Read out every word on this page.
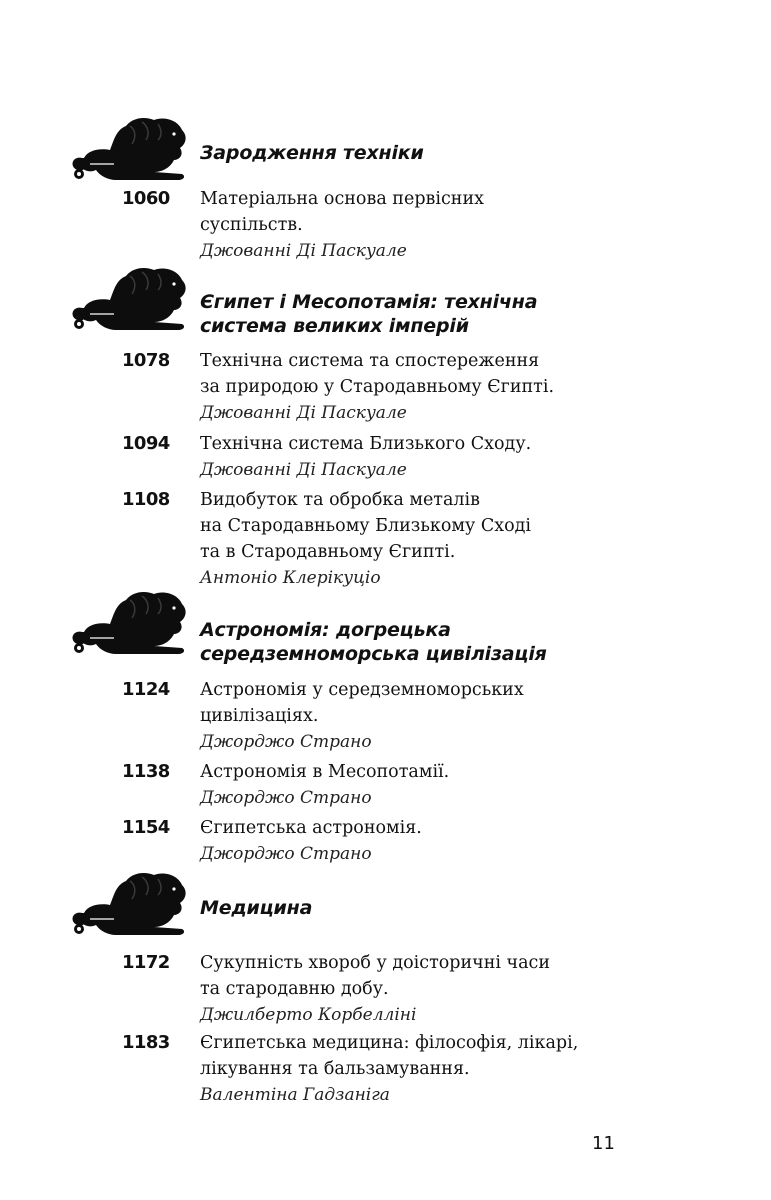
Зародження техніки
1060	Матеріальна основа первісних
суспільств.
Джованні Ді Паскуале
Єгипет і Месопотамія: технічна
система великих імперій
1078	Технічна система та спостереження
за природою у Стародавньому Єгипті.
Джованні Ді Паскуале
1094	Технічна система Близького Сходу.
Джованні Ді Паскуале
1108	Видобуток та обробка металів
на Стародавньому Близькому Сході
та в Стародавньому Єгипті.
Антоніо Клерікуціо
Астрономія: догрецька
середземноморська цивілізація
1124	Астрономія у середземноморських
цивілізаціях.
Джорджо Страно
1138	Астрономія в Месопотамії.
Джорджо Страно
1154	Єгипетська астрономія.
Джорджо Страно
Медицина
1172	Сукупність хвороб у доісторичні часи
та стародавню добу.
Джилберто Корбелліні
1183	Єгипетська медицина: філософія, лікарі,
лікування та бальзамування.
Валентіна Гадзаніга
11
